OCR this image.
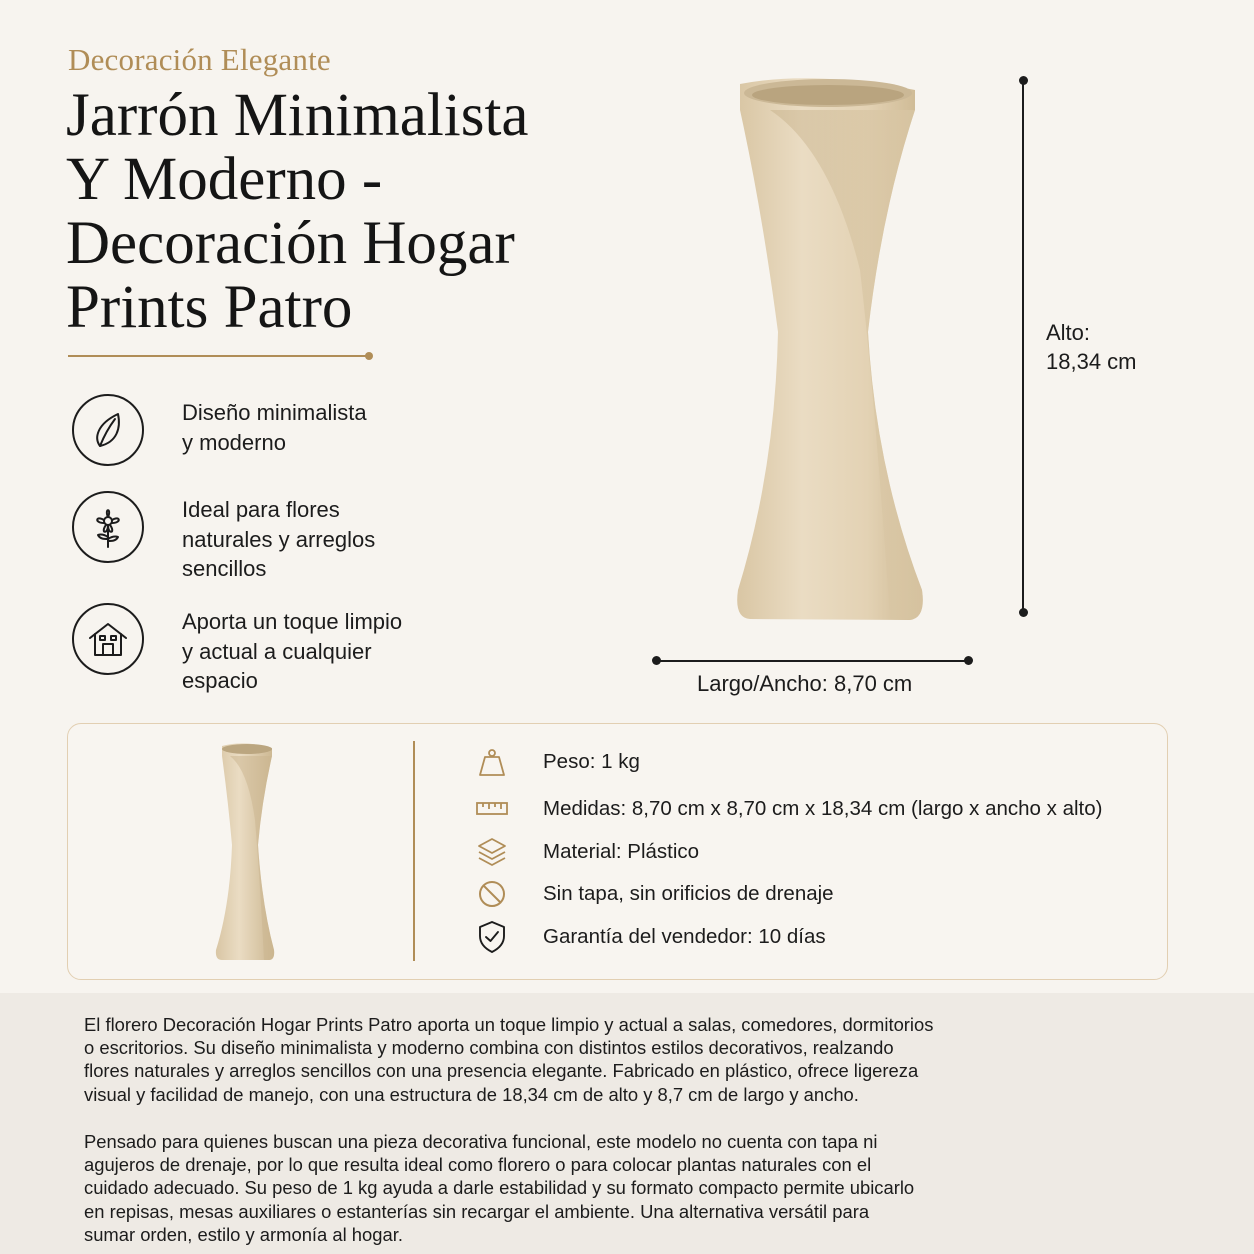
Decoración Elegante
Jarrón Minimalista
Y Moderno -
Decoración Hogar
Prints Patro
Diseño minimalista
y moderno
Ideal para flores
naturales y arreglos
sencillos
Aporta un toque limpio
y actual a cualquier
espacio
Alto:
18,34 cm
Largo/Ancho: 8,70 cm
Peso: 1 kg
Medidas: 8,70 cm x 8,70 cm x 18,34 cm (largo x ancho x alto)
Material: Plástico
Sin tapa, sin orificios de drenaje
Garantía del vendedor: 10 días
El florero Decoración Hogar Prints Patro aporta un toque limpio y actual a salas, comedores, dormitorios
o escritorios. Su diseño minimalista y moderno combina con distintos estilos decorativos, realzando
flores naturales y arreglos sencillos con una presencia elegante. Fabricado en plástico, ofrece ligereza
visual y facilidad de manejo, con una estructura de 18,34 cm de alto y 8,7 cm de largo y ancho.
Pensado para quienes buscan una pieza decorativa funcional, este modelo no cuenta con tapa ni
agujeros de drenaje, por lo que resulta ideal como florero o para colocar plantas naturales con el
cuidado adecuado. Su peso de 1 kg ayuda a darle estabilidad y su formato compacto permite ubicarlo
en repisas, mesas auxiliares o estanterías sin recargar el ambiente. Una alternativa versátil para
sumar orden, estilo y armonía al hogar.
